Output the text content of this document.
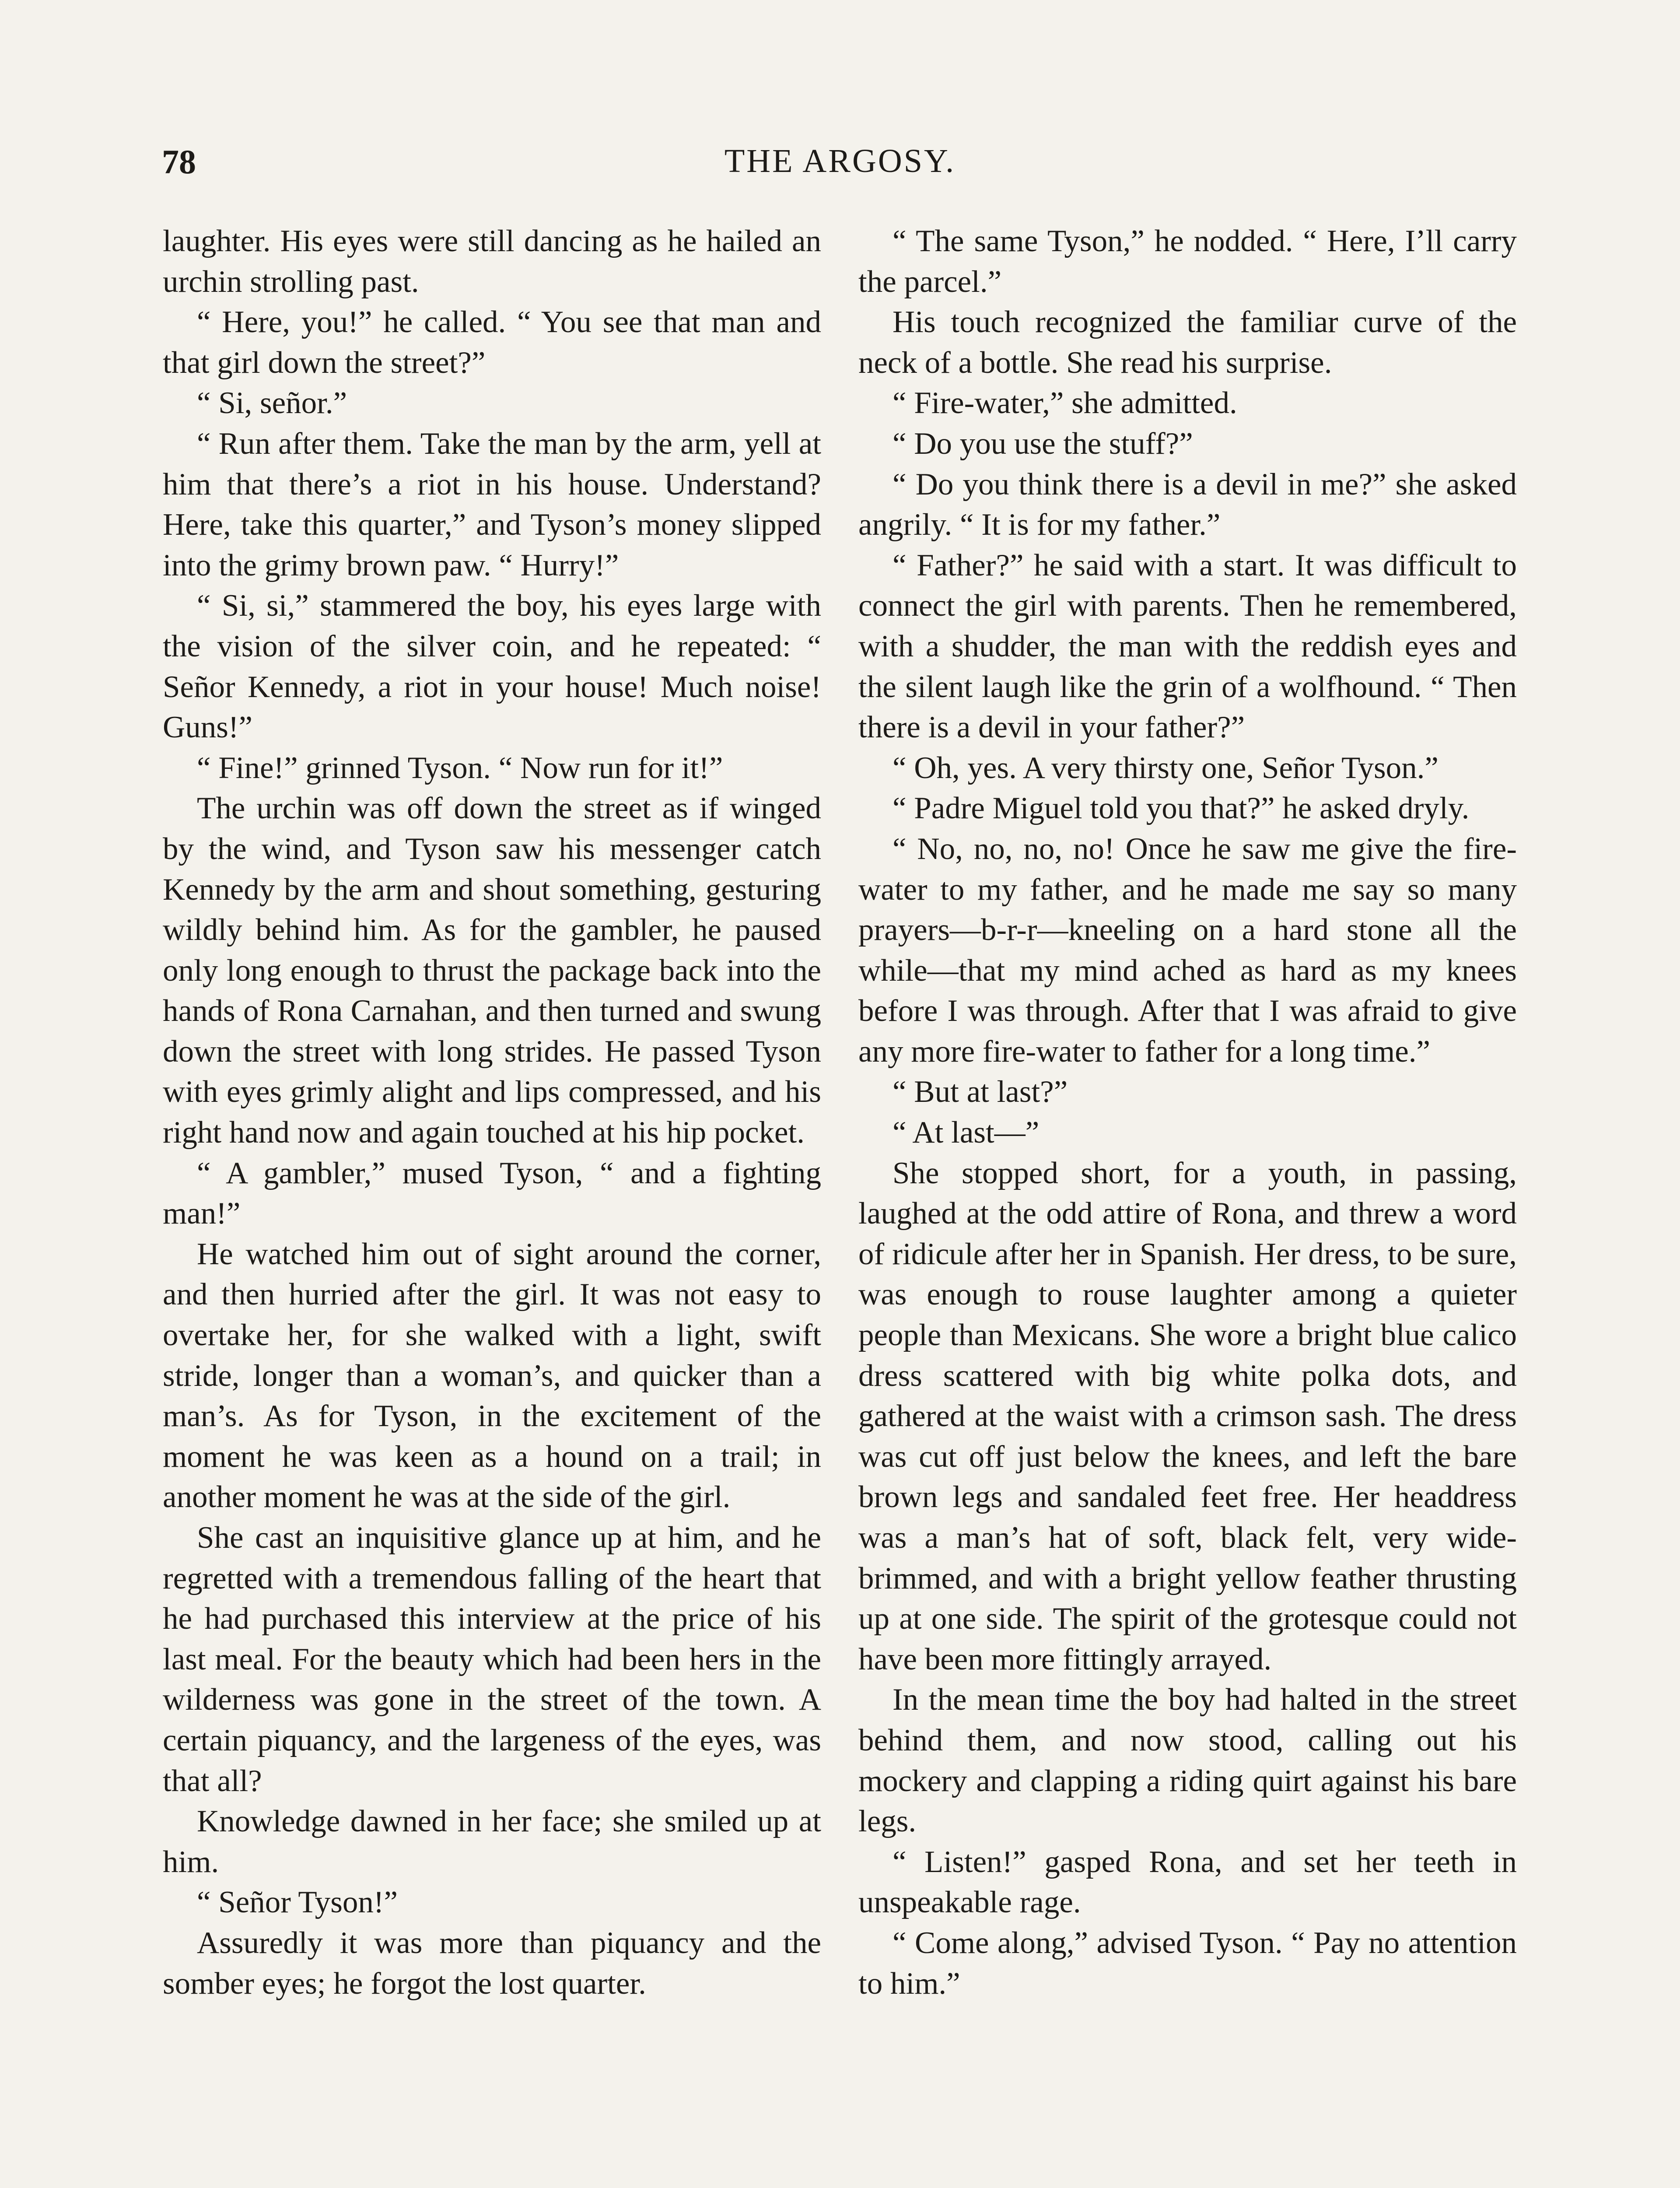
THE ARGOSY.
78

laughter. His eyes were still dancing as he hailed an urchin strolling past.

“ Here, you!” he called. “ You see that man and that girl down the street?”

“ Si, señor.”

“ Run after them. Take the man by the arm, yell at him that there’s a riot in his house. Understand? Here, take this quarter,” and Tyson’s money slipped into the grimy brown paw. “ Hurry!”

“ Si, si,” stammered the boy, his eyes large with the vision of the silver coin, and he repeated: “ Señor Kennedy, a riot in your house! Much noise! Guns!”

“ Fine!” grinned Tyson. “ Now run for it!”

The urchin was off down the street as if winged by the wind, and Tyson saw his messenger catch Kennedy by the arm and shout something, gesturing wildly behind him. As for the gambler, he paused only long enough to thrust the package back into the hands of Rona Carnahan, and then turned and swung down the street with long strides. He passed Tyson with eyes grimly alight and lips compressed, and his right hand now and again touched at his hip pocket.

“ A gambler,” mused Tyson, “ and a fighting man!”

He watched him out of sight around the corner, and then hurried after the girl. It was not easy to overtake her, for she walked with a light, swift stride, longer than a woman’s, and quicker than a man’s. As for Tyson, in the excitement of the moment he was keen as a hound on a trail; in another moment he was at the side of the girl.

She cast an inquisitive glance up at him, and he regretted with a tremendous falling of the heart that he had purchased this interview at the price of his last meal. For the beauty which had been hers in the wilderness was gone in the street of the town. A certain piquancy, and the largeness of the eyes, was that all?

Knowledge dawned in her face; she smiled up at him.

“ Señor Tyson!”

Assuredly it was more than piquancy and the somber eyes; he forgot the lost quarter.

“ The same Tyson,” he nodded. “ Here, I’ll carry the parcel.”

His touch recognized the familiar curve of the neck of a bottle. She read his surprise.

“ Fire-water,” she admitted.

“ Do you use the stuff?”

“ Do you think there is a devil in me?” she asked angrily. “ It is for my father.”

“ Father?” he said with a start. It was difficult to connect the girl with parents. Then he remembered, with a shudder, the man with the reddish eyes and the silent laugh like the grin of a wolfhound. “ Then there is a devil in your father?”

“ Oh, yes. A very thirsty one, Señor Tyson.”

“ Padre Miguel told you that?” he asked dryly.

“ No, no, no, no! Once he saw me give the fire-water to my father, and he made me say so many prayers—b-r-r—kneeling on a hard stone all the while—that my mind ached as hard as my knees before I was through. After that I was afraid to give any more fire-water to father for a long time.”

“ But at last?”

“ At last—”

She stopped short, for a youth, in passing, laughed at the odd attire of Rona, and threw a word of ridicule after her in Spanish. Her dress, to be sure, was enough to rouse laughter among a quieter people than Mexicans. She wore a bright blue calico dress scattered with big white polka dots, and gathered at the waist with a crimson sash. The dress was cut off just below the knees, and left the bare brown legs and sandaled feet free. Her headdress was a man’s hat of soft, black felt, very wide-brimmed, and with a bright yellow feather thrusting up at one side. The spirit of the grotesque could not have been more fittingly arrayed.

In the mean time the boy had halted in the street behind them, and now stood, calling out his mockery and clapping a riding quirt against his bare legs.

“ Listen!” gasped Rona, and set her teeth in unspeakable rage.

“ Come along,” advised Tyson. “ Pay no attention to him.”
